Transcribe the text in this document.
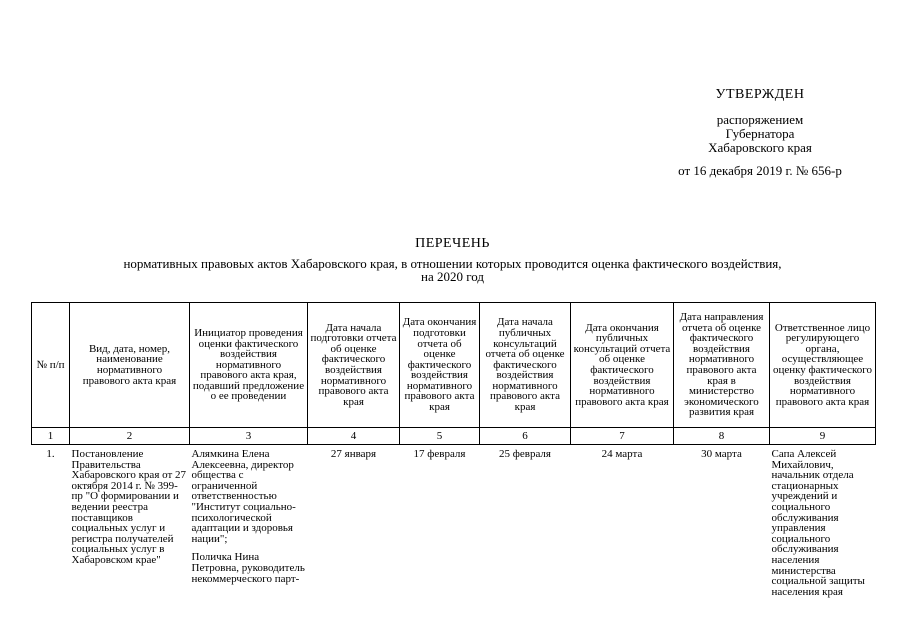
УТВЕРЖДЕН
распоряжением
Губернатора
Хабаровского края
от 16 декабря 2019 г. № 656-р
ПЕРЕЧЕНЬ
нормативных правовых актов Хабаровского края, в отношении которых проводится оценка фактического воздействия,
на 2020 год
№ п/п	Вид, дата, номер, наименование нормативного правового акта края	Инициатор проведения оценки фактического воздействия нормативного правового акта края, подавший предложение о ее проведении	Дата начала подготовки отчета об оценке фактического воздействия нормативного правового акта края	Дата окончания подготовки отчета об оценке фактического воздействия нормативного правового акта края	Дата начала публичных консультаций отчета об оценке фактического воздействия нормативного правового акта края	Дата окончания публичных консультаций отчета об оценке фактического воздействия нормативного правового акта края	Дата направления отчета об оценке фактического воздействия нормативного правового акта края в министерство экономического развития края	Ответственное лицо регулирующего органа, осуществляющее оценку фактического воздействия нормативного правового акта края
1	2	3	4	5	6	7	8	9
1.	Постановление Правительства Хабаровского края от 27 октября 2014 г. № 399-пр "О формировании и ведении реестра поставщиков социальных услуг и регистра получателей социальных услуг в Хабаровском крае"	Алямкина Елена Алексеевна, директор общества с ограниченной ответственностью "Институт социально-психологической адаптации и здоровья нации";
Поличка Нина Петровна, руководитель некоммерческого парт-	27 января	17 февраля	25 февраля	24 марта	30 марта	Сапа Алексей Михайлович, начальник отдела стационарных учреждений и социального обслуживания управления социального обслуживания населения министерства социальной защиты населения края
